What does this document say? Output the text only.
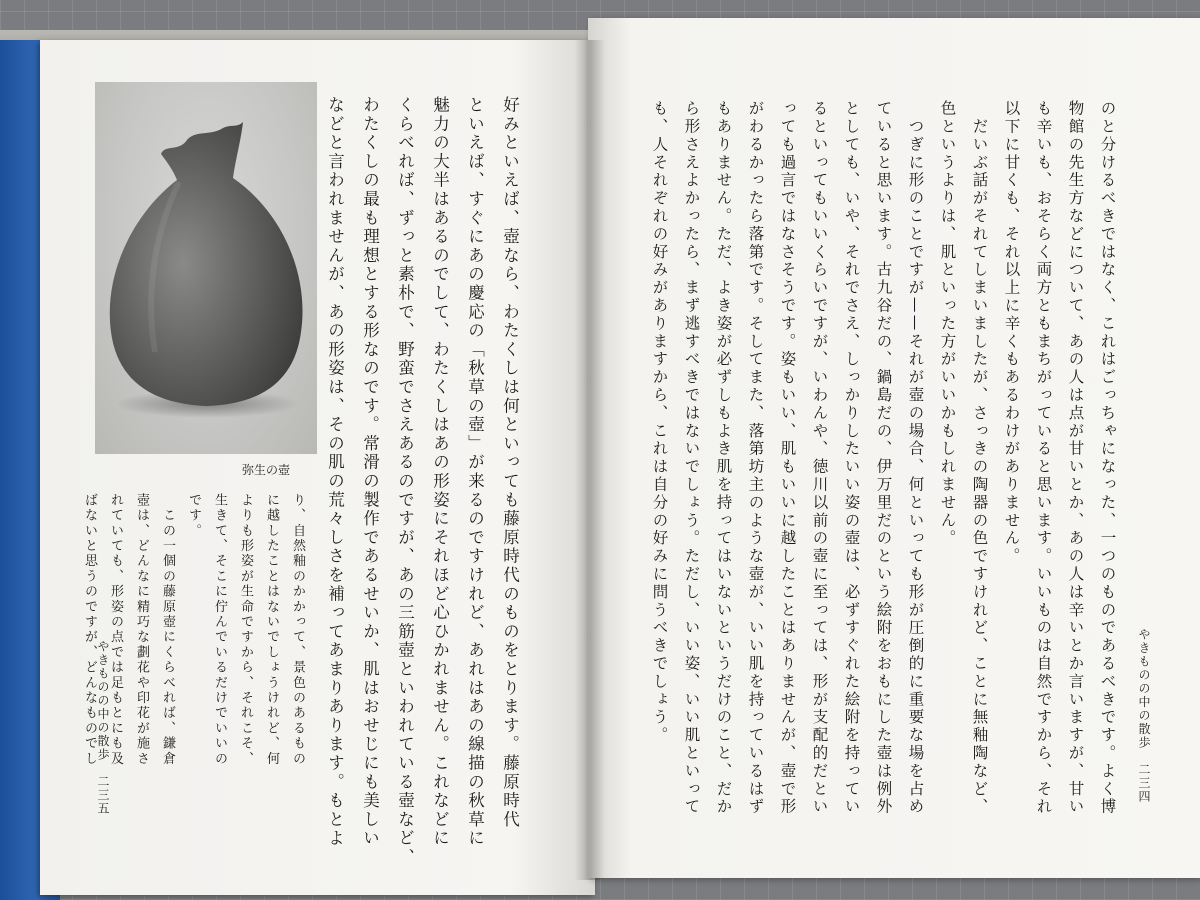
弥生の壺	好みといえば、壺なら、わたくしは何といっても藤原時代のものをとります。藤原時代
といえば、すぐにあの慶応の「秋草の壺」が来るのですけれど、あれはあの線描の秋草に
魅力の大半はあるのでして、わたくしはあの形姿にそれほど心ひかれません。これなどに
くらべれば、ずっと素朴で、野蛮でさえあるのですが、あの三筋壺といわれている壺など、
わたくしの最も理想とする形なのです。常滑の製作であるせいか、肌はおせじにも美しい
などと言われませんが、あの形姿は、その肌の荒々しさを補ってあまりあります。もとよ
り、自然釉のかかって、景色のあるもの
に越したことはないでしょうけれど、何
よりも形姿が生命ですから、それこそ、
生きて、そこに佇んでいるだけでいいの
です。
　この一個の藤原壺にくらべれば、鎌倉
壺は、どんなに精巧な劃花や印花が施さ
れていても、形姿の点では足もとにも及
ばないと思うのですが、どんなものでし やきものの中の散歩　二三五	やきものの中の散歩　二三四
のと分けるべきではなく、これはごっちゃになった、一つのものであるべきです。よく博
物館の先生方などについて、あの人は点が甘いとか、あの人は辛いとか言いますが、甘い
も辛いも、おそらく両方ともまちがっていると思います。いいものは自然ですから、それ
以下に甘くも、それ以上に辛くもあるわけがありません。
　だいぶ話がそれてしまいましたが、さっきの陶器の色ですけれど、ことに無釉陶など、
色というよりは、肌といった方がいいかもしれません。
　つぎに形のことですが——それが壺の場合、何といっても形が圧倒的に重要な場を占め
ていると思います。古九谷だの、鍋島だの、伊万里だのという絵附をおもにした壺は例外
としても、いや、それでさえ、しっかりしたいい姿の壺は、必ずすぐれた絵附を持ってい
るといってもいいくらいですが、いわんや、徳川以前の壺に至っては、形が支配的だとい
っても過言ではなさそうです。姿もいい、肌もいいに越したことはありませんが、壺で形
がわるかったら落第です。そしてまた、落第坊主のような壺が、いい肌を持っているはず
もありません。ただ、よき姿が必ずしもよき肌を持ってはいないというだけのこと、だか
ら形さえよかったら、まず逃すべきではないでしょう。ただし、いい姿、いい肌といって
も、人それぞれの好みがありますから、これは自分の好みに問うべきでしょう。
